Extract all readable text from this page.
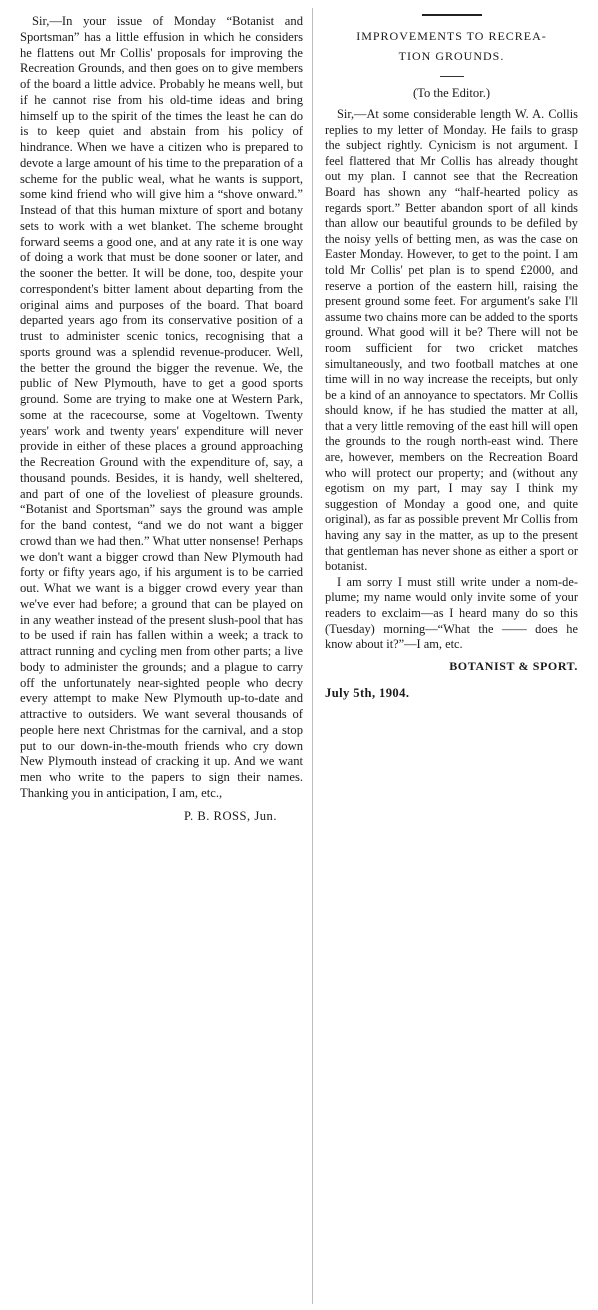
Sir,—In your issue of Monday “Botanist and Sportsman” has a little effusion in which he considers he flattens out Mr Collis' proposals for improving the Recreation Grounds, and then goes on to give members of the board a little advice. Probably he means well, but if he cannot rise from his old-time ideas and bring himself up to the spirit of the times the least he can do is to keep quiet and abstain from his policy of hindrance. When we have a citizen who is prepared to devote a large amount of his time to the preparation of a scheme for the public weal, what he wants is support, some kind friend who will give him a “shove onward.” Instead of that this human mixture of sport and botany sets to work with a wet blanket. The scheme brought forward seems a good one, and at any rate it is one way of doing a work that must be done sooner or later, and the sooner the better. It will be done, too, despite your correspondent's bitter lament about departing from the original aims and purposes of the board. That board departed years ago from its conservative position of a trust to administer scenic tonics, recognising that a sports ground was a splendid revenue-producer. Well, the better the ground the bigger the revenue. We, the public of New Plymouth, have to get a good sports ground. Some are trying to make one at Western Park, some at the racecourse, some at Vogeltown. Twenty years' work and twenty years' expenditure will never provide in either of these places a ground approaching the Recreation Ground with the expenditure of, say, a thousand pounds. Besides, it is handy, well sheltered, and part of one of the loveliest of pleasure grounds. “Botanist and Sportsman” says the ground was ample for the band contest, “and we do not want a bigger crowd than we had then.” What utter nonsense! Perhaps we don't want a bigger crowd than New Plymouth had forty or fifty years ago, if his argument is to be carried out. What we want is a bigger crowd every year than we've ever had before; a ground that can be played on in any weather instead of the present slush-pool that has to be used if rain has fallen within a week; a track to attract running and cycling men from other parts; a live body to administer the grounds; and a plague to carry off the unfortunately near-sighted people who decry every attempt to make New Plymouth up-to-date and attractive to outsiders. We want several thousands of people here next Christmas for the carnival, and a stop put to our down-in-the-mouth friends who cry down New Plymouth instead of cracking it up. And we want men who write to the papers to sign their names. Thanking you in anticipation, I am, etc.,

P. B. ROSS, Jun.

IMPROVEMENTS TO RECREA-

TION GROUNDS.

(To the Editor.)

Sir,—At some considerable length W. A. Collis replies to my letter of Monday. He fails to grasp the subject rightly. Cynicism is not argument. I feel flattered that Mr Collis has already thought out my plan. I cannot see that the Recreation Board has shown any “half-hearted policy as regards sport.” Better abandon sport of all kinds than allow our beautiful grounds to be defiled by the noisy yells of betting men, as was the case on Easter Monday. However, to get to the point. I am told Mr Collis' pet plan is to spend £2000, and reserve a portion of the eastern hill, raising the present ground some feet. For argument's sake I'll assume two chains more can be added to the sports ground. What good will it be? There will not be room sufficient for two cricket matches simultaneously, and two football matches at one time will in no way increase the receipts, but only be a kind of an annoyance to spectators. Mr Collis should know, if he has studied the matter at all, that a very little removing of the east hill will open the grounds to the rough north-east wind. There are, however, members on the Recreation Board who will protect our property; and (without any egotism on my part, I may say I think my suggestion of Monday a good one, and quite original), as far as possible prevent Mr Collis from having any say in the matter, as up to the present that gentleman has never shone as either a sport or botanist.

I am sorry I must still write under a nom-de-plume; my name would only invite some of your readers to exclaim—as I heard many do so this (Tuesday) morning—“What the —— does he know about it?”—I am, etc.

BOTANIST & SPORT.

July 5th, 1904.
